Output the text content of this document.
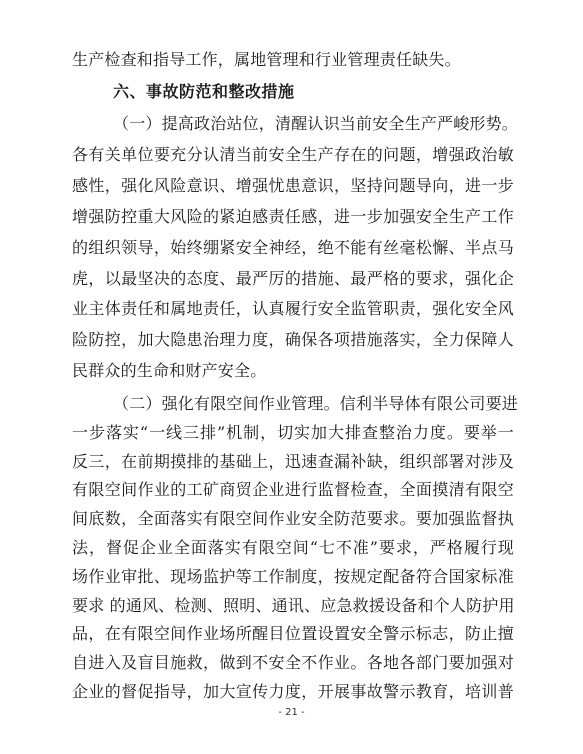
生产检查和指导工作，属地管理和行业管理责任缺失。
六、事故防范和整改措施
（一）提高政治站位，清醒认识当前安全生产严峻形势。
各有关单位要充分认清当前安全生产存在的问题，增强政治敏
感性，强化风险意识、增强忧患意识，坚持问题导向，进一步
增强防控重大风险的紧迫感责任感，进一步加强安全生产工作
的组织领导，始终绷紧安全神经，绝不能有丝毫松懈、半点马
虎，以最坚决的态度、最严厉的措施、最严格的要求，强化企
业主体责任和属地责任，认真履行安全监管职责，强化安全风
险防控，加大隐患治理力度，确保各项措施落实，全力保障人
民群众的生命和财产安全。
（二）强化有限空间作业管理。信利半导体有限公司要进
一步落实“一线三排”机制，切实加大排查整治力度。要举一
反三，在前期摸排的基础上，迅速查漏补缺，组织部署对涉及
有限空间作业的工矿商贸企业进行监督检查，全面摸清有限空
间底数，全面落实有限空间作业安全防范要求。要加强监督执
法，督促企业全面落实有限空间“七不准”要求，严格履行现
场作业审批、现场监护等工作制度，按规定配备符合国家标准
要求 的通风、检测、照明、通讯、应急救援设备和个人防护用
品，在有限空间作业场所醒目位置设置安全警示标志，防止擅
自进入及盲目施救，做到不安全不作业。各地各部门要加强对
企业的督促指导，加大宣传力度，开展事故警示教育，培训普
- 21 -
